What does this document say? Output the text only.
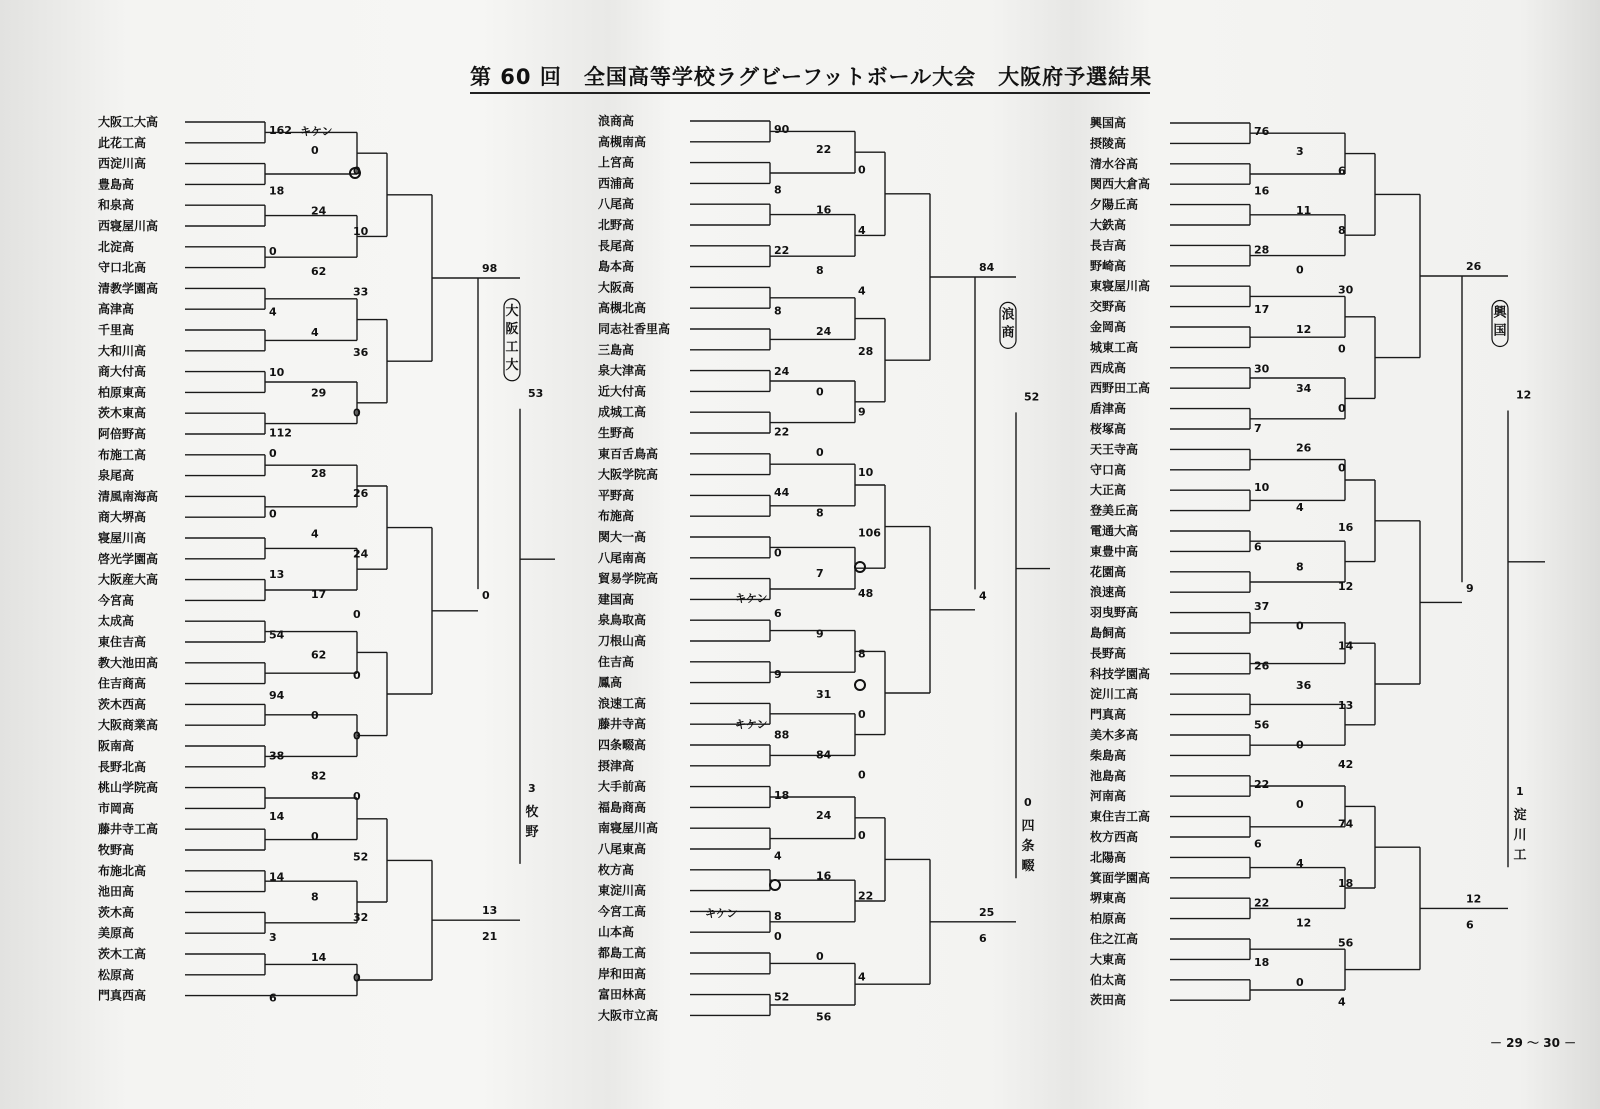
第 60 回　全国高等学校ラグビーフットボール大会　大阪府予選結果
大阪工大高
此花工高
西淀川高
豊島高
和泉高
西寝屋川高
北淀高
守口北高
清教学園高
高津高
千里高
大和川高
商大付高
柏原東高
茨木東高
阿倍野高
布施工高
泉尾高
清風南海高
商大堺高
寝屋川高
啓光学園高
大阪産大高
今宮高
太成高
東住吉高
教大池田高
住吉商高
茨木西高
大阪商業高
阪南高
長野北高
桃山学院高
市岡高
藤井寺工高
牧野高
布施北高
池田高
茨木高
美原高
茨木工高
松原高
門真西高
98
0
13
21
53
3
大
阪
工
大
牧
野
浪商高
高槻南高
上宮高
西浦高
八尾高
北野高
長尾高
島本高
大阪高
高槻北高
同志社香里高
三島高
泉大津高
近大付高
成城工高
生野高
東百舌鳥高
大阪学院高
平野高
布施高
関大一高
八尾南高
貿易学院高
建国高
泉鳥取高
刀根山高
住吉高
鳳高
浪速工高
藤井寺高
四条畷高
摂津高
大手前高
福島商高
南寝屋川高
八尾東高
枚方高
東淀川高
今宮工高
山本高
都島工高
岸和田高
富田林高
大阪市立高
84
4
25
6
52
0
浪
商
四
条
畷
興国高
摂陵高
清水谷高
関西大倉高
夕陽丘高
大鉄高
長吉高
野崎高
東寝屋川高
交野高
金岡高
城東工高
西成高
西野田工高
盾津高
桜塚高
天王寺高
守口高
大正高
登美丘高
電通大高
東豊中高
花園高
浪速高
羽曳野高
島飼高
長野高
科技学園高
淀川工高
門真高
美木多高
柴島高
池島高
河南高
東住吉工高
枚方西高
北陽高
箕面学園高
堺東高
柏原高
住之江高
大東高
伯太高
茨田高
26
9
12
6
12
1
興
国
淀
川
工
162
0
0
18
24
10
0
62
33
4
4
36
10
29
0
112
0
28
26
0
4
24
13
17
0
54
62
0
94
0
0
38
82
0
14
0
52
14
8
32
3
14
0
6
90
22
0
8
16
4
22
8
4
8
24
28
24
0
9
22
0
10
44
8
106
0
7
48
6
9
8
9
31
0
88
84
0
18
24
0
4
16
22
8
0
0
4
52
56
76
3
6
16
11
8
28
0
30
17
12
0
30
34
0
7
26
0
10
4
16
6
8
12
37
0
14
26
36
13
56
0
42
22
0
74
6
4
18
22
12
56
18
0
4
キケン
キケン
キケン
キケン
－ 29 ～ 30 －
